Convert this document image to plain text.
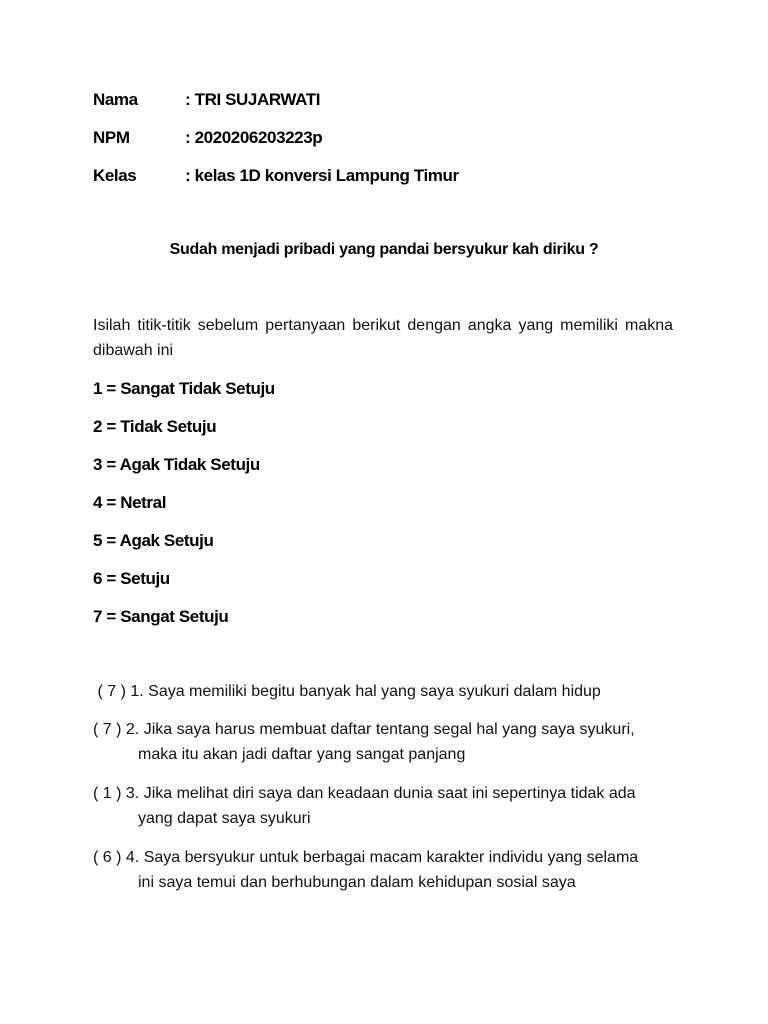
Nama	: TRI SUJARWATI
NPM	: 2020206203223p
Kelas	: kelas 1D konversi Lampung Timur
Sudah menjadi pribadi yang pandai bersyukur kah diriku ?
Isilah titik-titik sebelum pertanyaan berikut dengan angka yang memiliki makna dibawah ini
1 = Sangat Tidak Setuju
2 = Tidak Setuju
3 = Agak Tidak Setuju
4 = Netral
5 = Agak Setuju
6 = Setuju
7 = Sangat Setuju
( 7 ) 1. Saya memiliki begitu banyak hal yang saya syukuri dalam hidup
( 7 ) 2. Jika saya harus membuat daftar tentang segal hal yang saya syukuri,
maka itu akan jadi daftar yang sangat panjang
( 1 ) 3. Jika melihat diri saya dan keadaan dunia saat ini sepertinya tidak ada
yang dapat saya syukuri
( 6 ) 4. Saya bersyukur untuk berbagai macam karakter individu yang selama
ini saya temui dan berhubungan dalam kehidupan sosial saya
